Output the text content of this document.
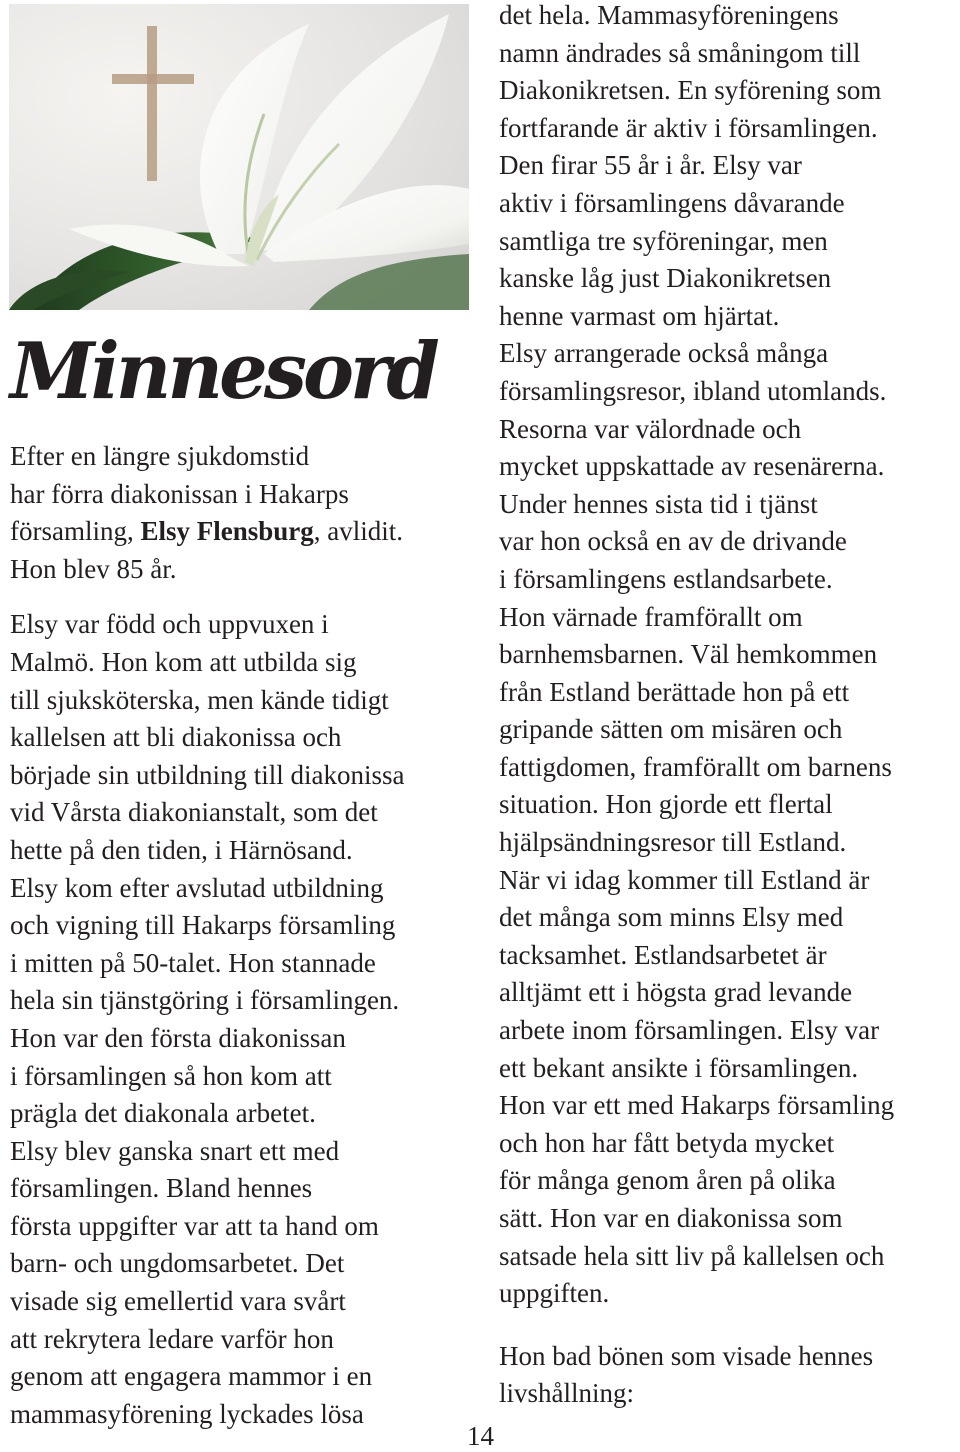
Minnesord
Efter en längre sjukdomstid
har förra diakonissan i Hakarps
församling, Elsy Flensburg, avlidit.
Hon blev 85 år.
Elsy var född och uppvuxen i
Malmö. Hon kom att utbilda sig
till sjuksköterska, men kände tidigt
kallelsen att bli diakonissa och
började sin utbildning till diakonissa
vid Vårsta diakonianstalt, som det
hette på den tiden, i Härnösand.
Elsy kom efter avslutad utbildning
och vigning till Hakarps församling
i mitten på 50-talet. Hon stannade
hela sin tjänstgöring i församlingen.
Hon var den första diakonissan
i församlingen så hon kom att
prägla det diakonala arbetet.
Elsy blev ganska snart ett med
församlingen. Bland hennes
första uppgifter var att ta hand om
barn- och ungdomsarbetet. Det
visade sig emellertid vara svårt
att rekrytera ledare varför hon
genom att engagera mammor i en
mammasyförening lyckades lösa
det hela. Mammasyföreningens
namn ändrades så småningom till
Diakonikretsen. En syförening som
fortfarande är aktiv i församlingen.
Den firar 55 år i år. Elsy var
aktiv i församlingens dåvarande
samtliga tre syföreningar, men
kanske låg just Diakonikretsen
henne varmast om hjärtat.
Elsy arrangerade också många
församlingsresor, ibland utomlands.
Resorna var välordnade och
mycket uppskattade av resenärerna.
Under hennes sista tid i tjänst
var hon också en av de drivande
i församlingens estlandsarbete.
Hon värnade framförallt om
barnhemsbarnen. Väl hemkommen
från Estland berättade hon på ett
gripande sätten om misären och
fattigdomen, framförallt om barnens
situation. Hon gjorde ett flertal
hjälpsändningsresor till Estland.
När vi idag kommer till Estland är
det många som minns Elsy med
tacksamhet. Estlandsarbetet är
alltjämt ett i högsta grad levande
arbete inom församlingen. Elsy var
ett bekant ansikte i församlingen.
Hon var ett med Hakarps församling
och hon har fått betyda mycket
för många genom åren på olika
sätt. Hon var en diakonissa som
satsade hela sitt liv på kallelsen och
uppgiften.
Hon bad bönen som visade hennes
livshållning:
14
